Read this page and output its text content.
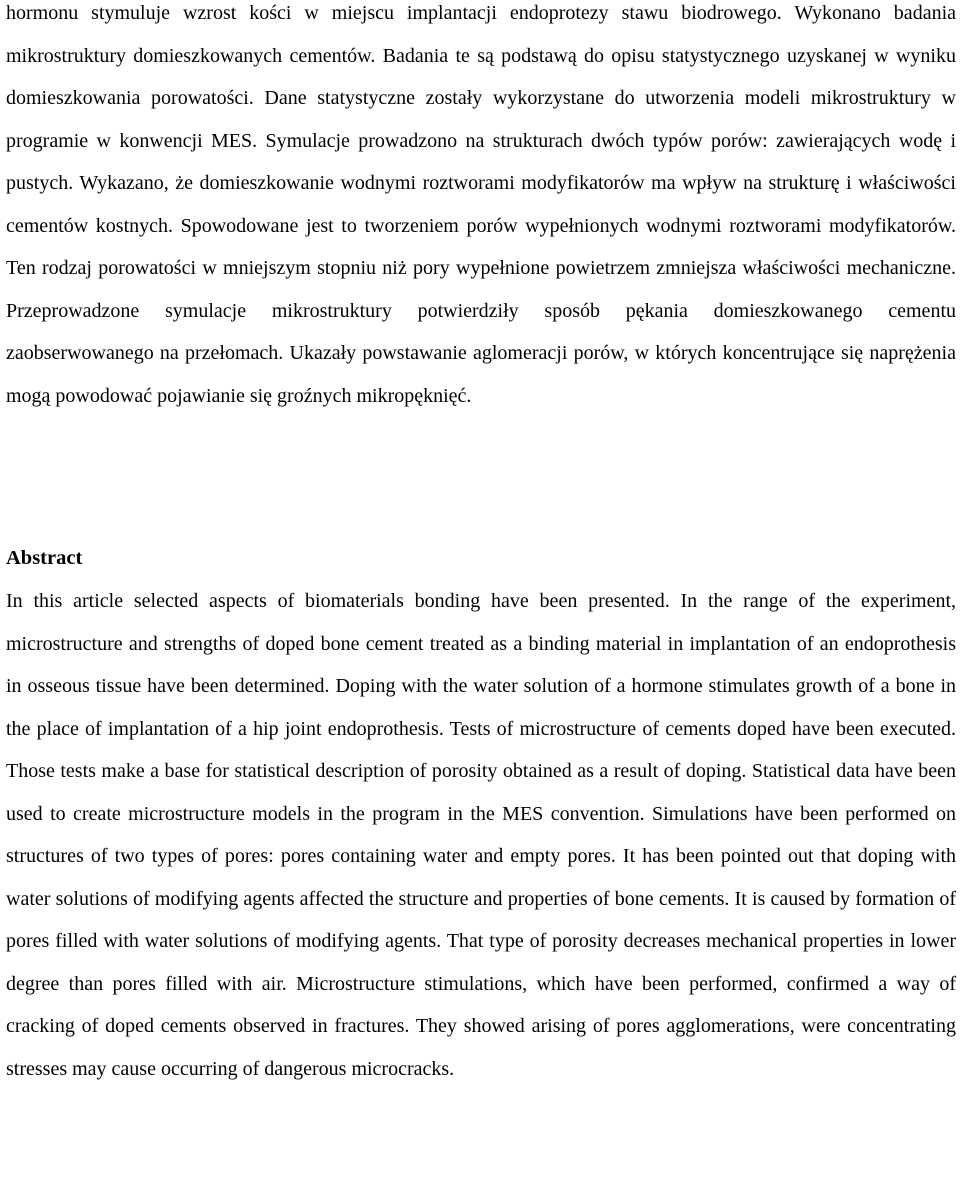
hormonu stymuluje wzrost kości w miejscu implantacji endoprotezy stawu biodrowego. Wykonano badania mikrostruktury domieszkowanych cementów. Badania te są podstawą do opisu statystycznego uzyskanej w wyniku domieszkowania porowatości. Dane statystyczne zostały wykorzystane do utworzenia modeli mikrostruktury w programie w konwencji MES. Symulacje prowadzono na strukturach dwóch typów porów: zawierających wodę i pustych. Wykazano, że domieszkowanie wodnymi roztworami modyfikatorów ma wpływ na strukturę i właściwości cementów kostnych. Spowodowane jest to tworzeniem porów wypełnionych wodnymi roztworami modyfikatorów. Ten rodzaj porowatości w mniejszym stopniu niż pory wypełnione powietrzem zmniejsza właściwości mechaniczne. Przeprowadzone symulacje mikrostruktury potwierdziły sposób pękania domieszkowanego cementu zaobserwowanego na przełomach. Ukazały powstawanie aglomeracji porów, w których koncentrujące się naprężenia mogą powodować pojawianie się groźnych mikropęknięć.

Abstract

In this article selected aspects of biomaterials bonding have been presented. In the range of the experiment, microstructure and strengths of doped bone cement treated as a binding material in implantation of an endoprothesis in osseous tissue have been determined. Doping with the water solution of a hormone stimulates growth of a bone in the place of implantation of a hip joint endoprothesis. Tests of microstructure of cements doped have been executed. Those tests make a base for statistical description of porosity obtained as a result of doping. Statistical data have been used to create microstructure models in the program in the MES convention. Simulations have been performed on structures of two types of pores: pores containing water and empty pores. It has been pointed out that doping with water solutions of modifying agents affected the structure and properties of bone cements. It is caused by formation of pores filled with water solutions of modifying agents. That type of porosity decreases mechanical properties in lower degree than pores filled with air. Microstructure stimulations, which have been performed, confirmed a way of cracking of doped cements observed in fractures. They showed arising of pores agglomerations, were concentrating stresses may cause occurring of dangerous microcracks.
